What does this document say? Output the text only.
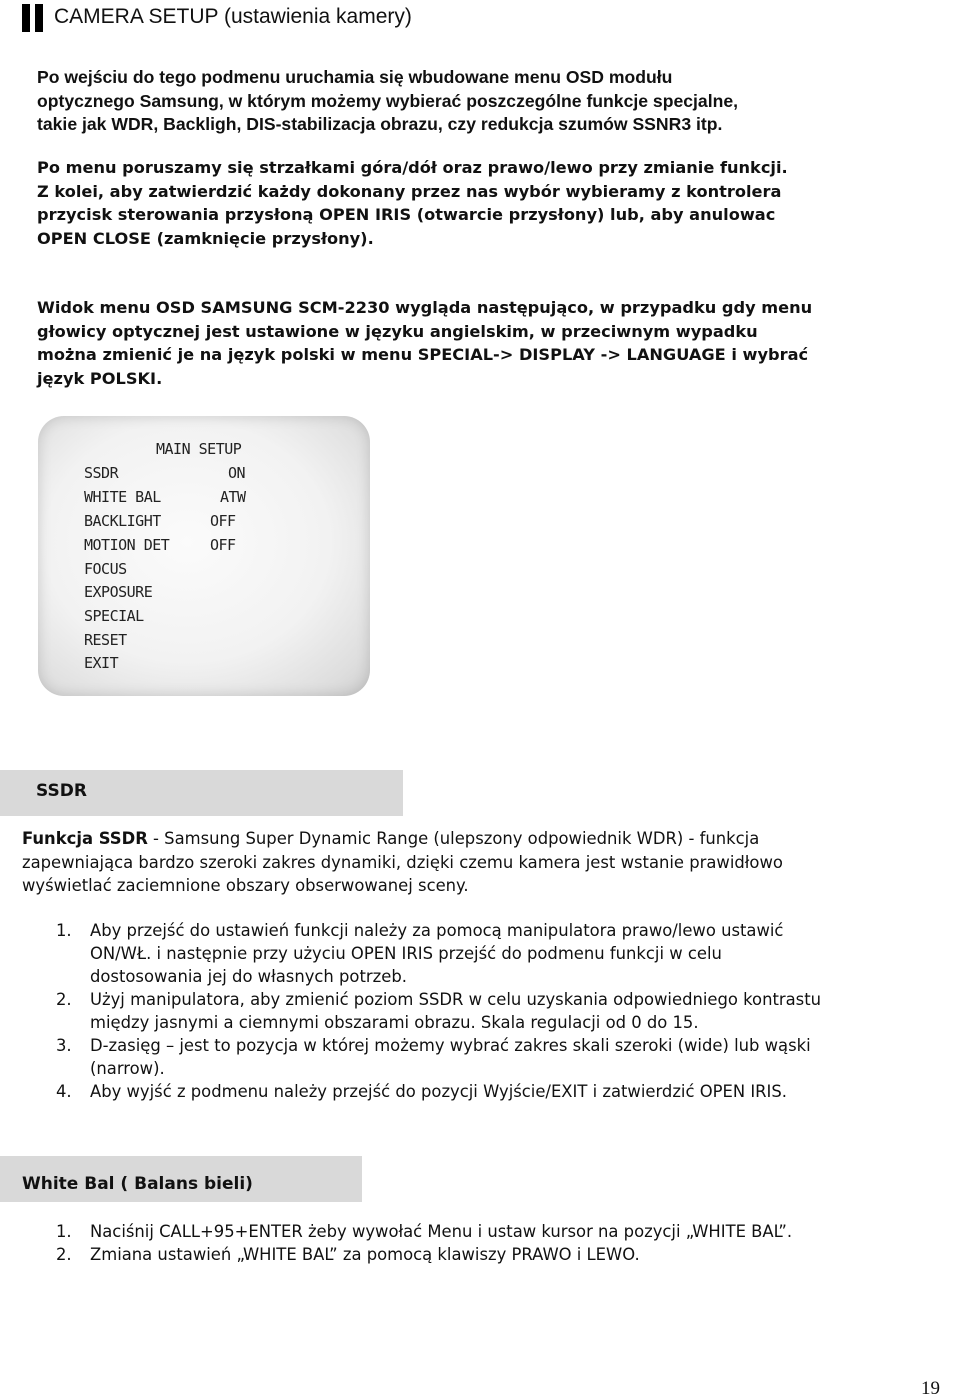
CAMERA SETUP (ustawienia kamery)

Po wejściu do tego podmenu uruchamia się wbudowane menu OSD modułu

optycznego Samsung, w którym możemy wybierać poszczególne funkcje specjalne,

takie jak WDR, Backligh, DIS-stabilizacja obrazu, czy redukcja szumów SSNR3 itp.

Po menu poruszamy się strzałkami góra/dół oraz prawo/lewo przy zmianie funkcji.

Z kolei, aby zatwierdzić każdy dokonany przez nas wybór wybieramy z kontrolera

przycisk sterowania przysłoną OPEN IRIS (otwarcie przysłony) lub, aby anulowac

OPEN CLOSE (zamknięcie przysłony).

Widok menu OSD SAMSUNG SCM-2230 wygląda następująco, w przypadku gdy menu

głowicy optycznej jest ustawione w języku angielskim, w przeciwnym wypadku

można zmienić je na język polski w menu SPECIAL-> DISPLAY -> LANGUAGE i wybrać

język POLSKI.

MAIN SETUP
SSDR	ON
WHITE BAL	ATW
BACKLIGHT	OFF
MOTION DET	OFF
FOCUS
EXPOSURE
SPECIAL
RESET
EXIT
SSDR

Funkcja SSDR - Samsung Super Dynamic Range (ulepszony odpowiednik WDR) - funkcja

zapewniająca bardzo szeroki zakres dynamiki, dzięki czemu kamera jest wstanie prawidłowo

wyświetlać zaciemnione obszary obserwowanej sceny.

1. Aby przejść do ustawień funkcji należy za pomocą manipulatora prawo/lewo ustawić
ON/WŁ. i następnie przy użyciu OPEN IRIS przejść do podmenu funkcji w celu
dostosowania jej do własnych potrzeb.
2. Użyj manipulatora, aby zmienić poziom SSDR w celu uzyskania odpowiedniego kontrastu
między jasnymi a ciemnymi obszarami obrazu. Skala regulacji od 0 do 15.
3. D-zasięg – jest to pozycja w której możemy wybrać zakres skali szeroki (wide) lub wąski
(narrow).
4. Aby wyjść z podmenu należy przejść do pozycji Wyjście/EXIT i zatwierdzić OPEN IRIS.
White Bal ( Balans bieli)
1. Naciśnij CALL+95+ENTER żeby wywołać Menu i ustaw kursor na pozycji „WHITE BAL”.
2. Zmiana ustawień „WHITE BAL” za pomocą klawiszy PRAWO i LEWO.
19
